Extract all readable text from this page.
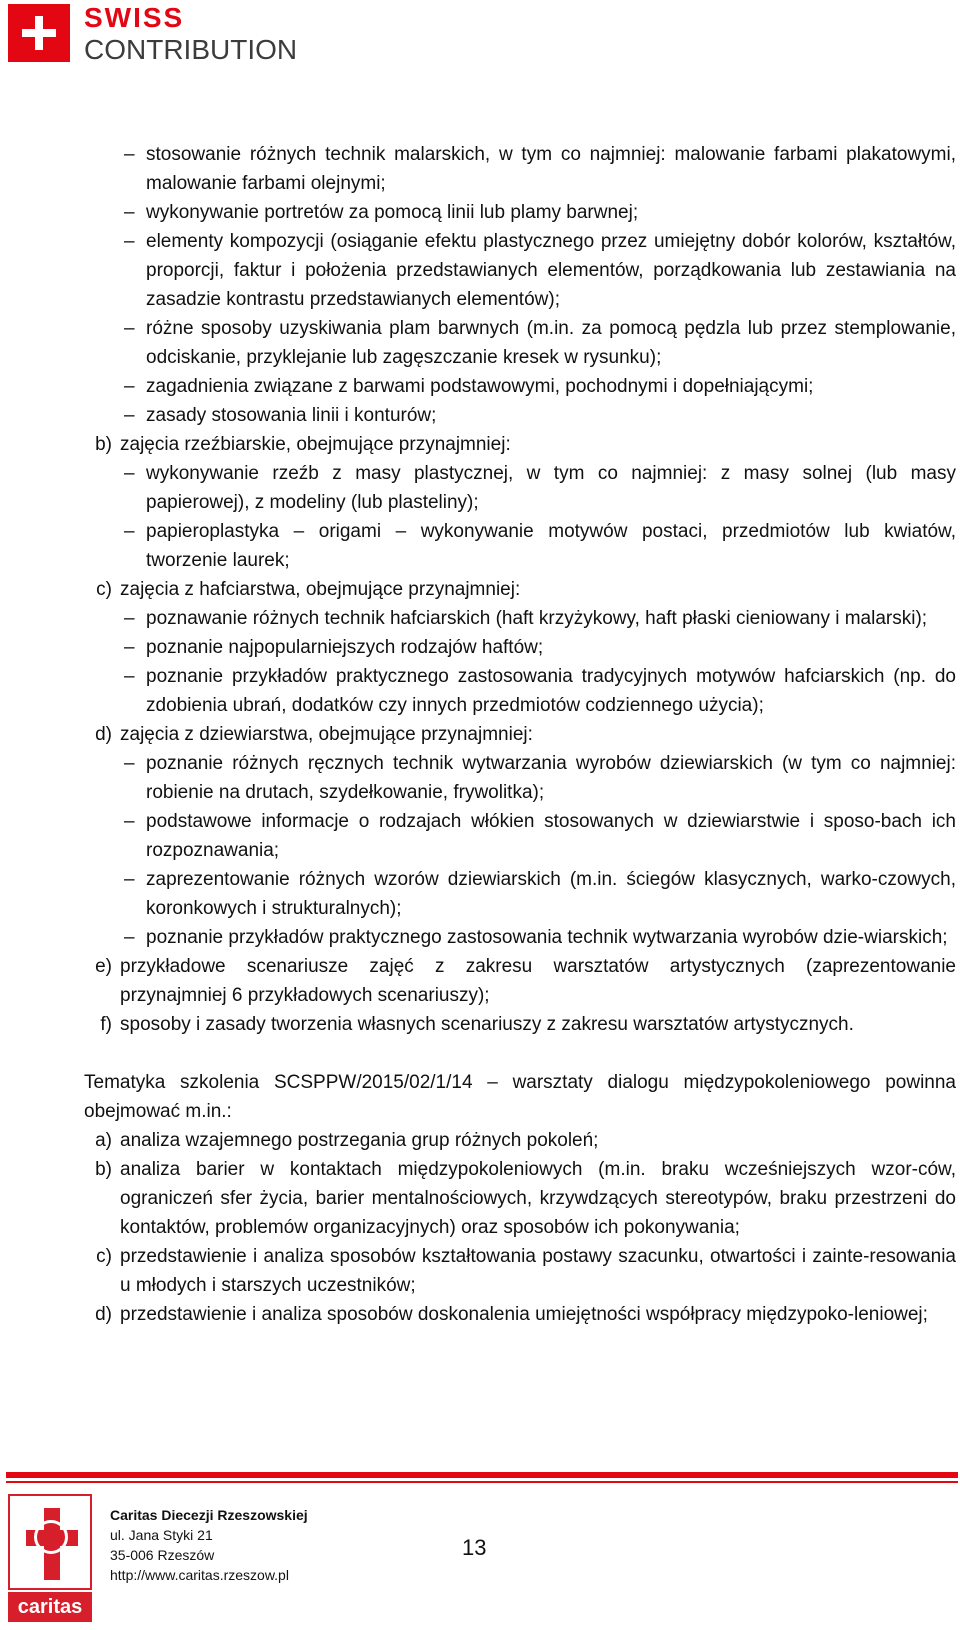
SWISS
CONTRIBUTION
– stosowanie różnych technik malarskich, w tym co najmniej: malowanie farbami plakatowymi, malowanie farbami olejnymi;
– wykonywanie portretów za pomocą linii lub plamy barwnej;
– elementy kompozycji (osiąganie efektu plastycznego przez umiejętny dobór kolorów, kształtów, proporcji, faktur i położenia przedstawianych elementów, porządkowania lub zestawiania na zasadzie kontrastu przedstawianych elementów);
– różne sposoby uzyskiwania plam barwnych (m.in. za pomocą pędzla lub przez stemplowanie, odciskanie, przyklejanie lub zagęszczanie kresek w rysunku);
– zagadnienia związane z barwami podstawowymi, pochodnymi i dopełniającymi;
– zasady stosowania linii i konturów;
b) zajęcia rzeźbiarskie, obejmujące przynajmniej:
– wykonywanie rzeźb z masy plastycznej, w tym co najmniej: z masy solnej (lub masy papierowej), z modeliny (lub plasteliny);
– papieroplastyka – origami – wykonywanie motywów postaci, przedmiotów lub kwiatów, tworzenie laurek;
c) zajęcia z hafciarstwa, obejmujące przynajmniej:
– poznawanie różnych technik hafciarskich (haft krzyżykowy, haft płaski cieniowany i malarski);
– poznanie najpopularniejszych rodzajów haftów;
– poznanie przykładów praktycznego zastosowania tradycyjnych motywów hafciarskich (np. do zdobienia ubrań, dodatków czy innych przedmiotów codziennego użycia);
d) zajęcia z dziewiarstwa, obejmujące przynajmniej:
– poznanie różnych ręcznych technik wytwarzania wyrobów dziewiarskich (w tym co najmniej: robienie na drutach, szydełkowanie, frywolitka);
– podstawowe informacje o rodzajach włókien stosowanych w dziewiarstwie i sposo-bach ich rozpoznawania;
– zaprezentowanie różnych wzorów dziewiarskich (m.in. ściegów klasycznych, warko-czowych, koronkowych i strukturalnych);
– poznanie przykładów praktycznego zastosowania technik wytwarzania wyrobów dzie-wiarskich;
e) przykładowe scenariusze zajęć z zakresu warsztatów artystycznych (zaprezentowanie przynajmniej 6 przykładowych scenariuszy);
f) sposoby i zasady tworzenia własnych scenariuszy z zakresu warsztatów artystycznych.
Tematyka szkolenia SCSPPW/2015/02/1/14 – warsztaty dialogu międzypokoleniowego powinna obejmować m.in.:
a) analiza wzajemnego postrzegania grup różnych pokoleń;
b) analiza barier w kontaktach międzypokoleniowych (m.in. braku wcześniejszych wzor-ców, ograniczeń sfer życia, barier mentalnościowych, krzywdzących stereotypów, braku przestrzeni do kontaktów, problemów organizacyjnych) oraz sposobów ich pokonywania;
c) przedstawienie i analiza sposobów kształtowania postawy szacunku, otwartości i zainte-resowania u młodych i starszych uczestników;
d) przedstawienie i analiza sposobów doskonalenia umiejętności współpracy międzypoko-leniowej;
caritas
Caritas Diecezji Rzeszowskiej
ul. Jana Styki 21
35-006 Rzeszów
http://www.caritas.rzeszow.pl
13
